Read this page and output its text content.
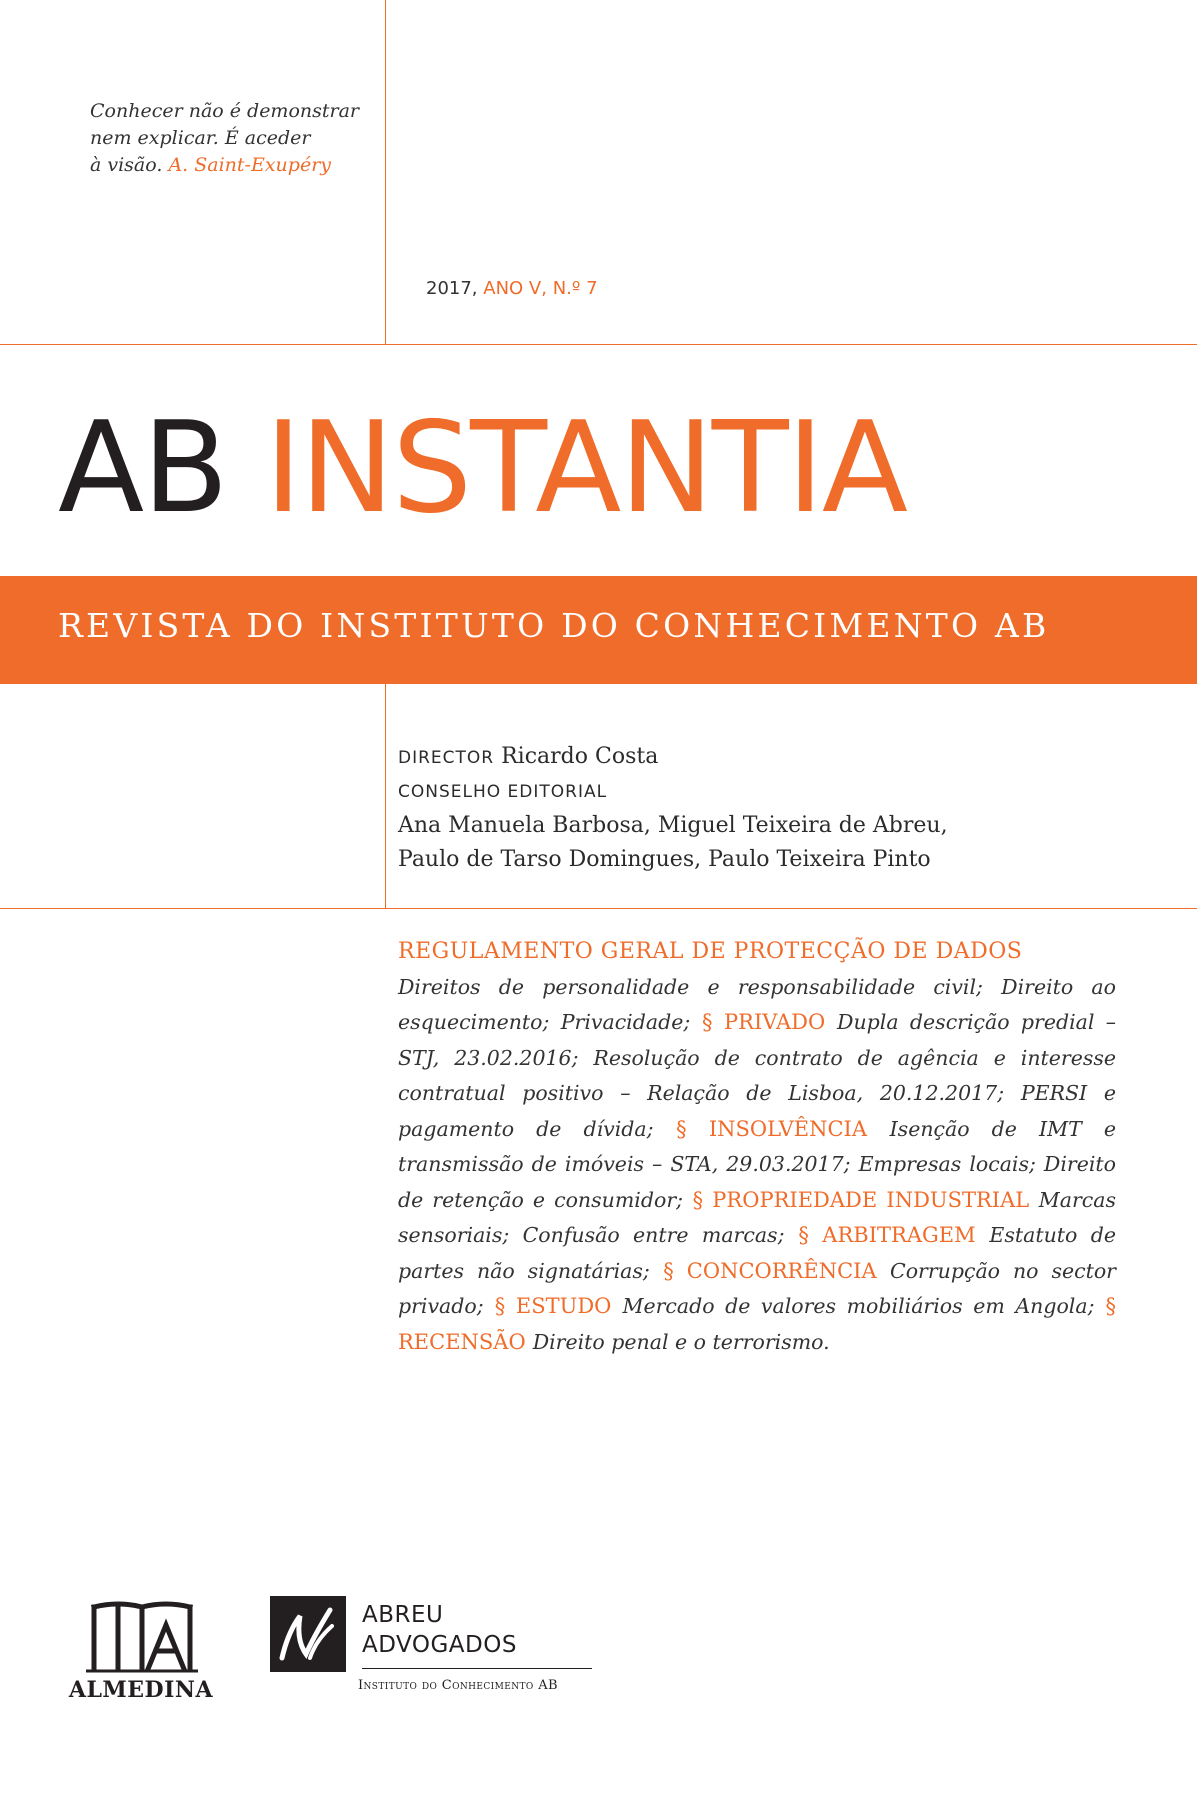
Conhecer não é demonstrar
nem explicar. É aceder
à visão. A. Saint-Exupéry
2017, ANO V, N.º 7
AB INSTANTIA
REVISTA DO INSTITUTO DO CONHECIMENTO AB
DIRECTOR Ricardo Costa
CONSELHO EDITORIAL
Ana Manuela Barbosa, Miguel Teixeira de Abreu,
Paulo de Tarso Domingues, Paulo Teixeira Pinto
REGULAMENTO GERAL DE PROTECÇÃO DE DADOS
Direitos de personalidade e responsabilidade civil; Direito ao esquecimento; Privacidade; § PRIVADO Dupla descrição predial – STJ, 23.02.2016; Resolução de contrato de agência e interesse contratual positivo – Relação de Lisboa, 20.12.2017; PERSI e pagamento de dívida; § INSOLVÊNCIA Isenção de IMT e transmissão de imóveis – STA, 29.03.2017; Empresas locais; Direito de retenção e consumidor; § PROPRIEDADE INDUSTRIAL Marcas sensoriais; Confusão entre marcas; § ARBITRAGEM Estatuto de partes não signatárias; § CONCORRÊNCIA Corrupção no sector privado; § ESTUDO Mercado de valores mobiliários em Angola; § RECENSÃO Direito penal e o terrorismo.
ALMEDINA
ABREU
ADVOGADOS
Instituto do Conhecimento AB
